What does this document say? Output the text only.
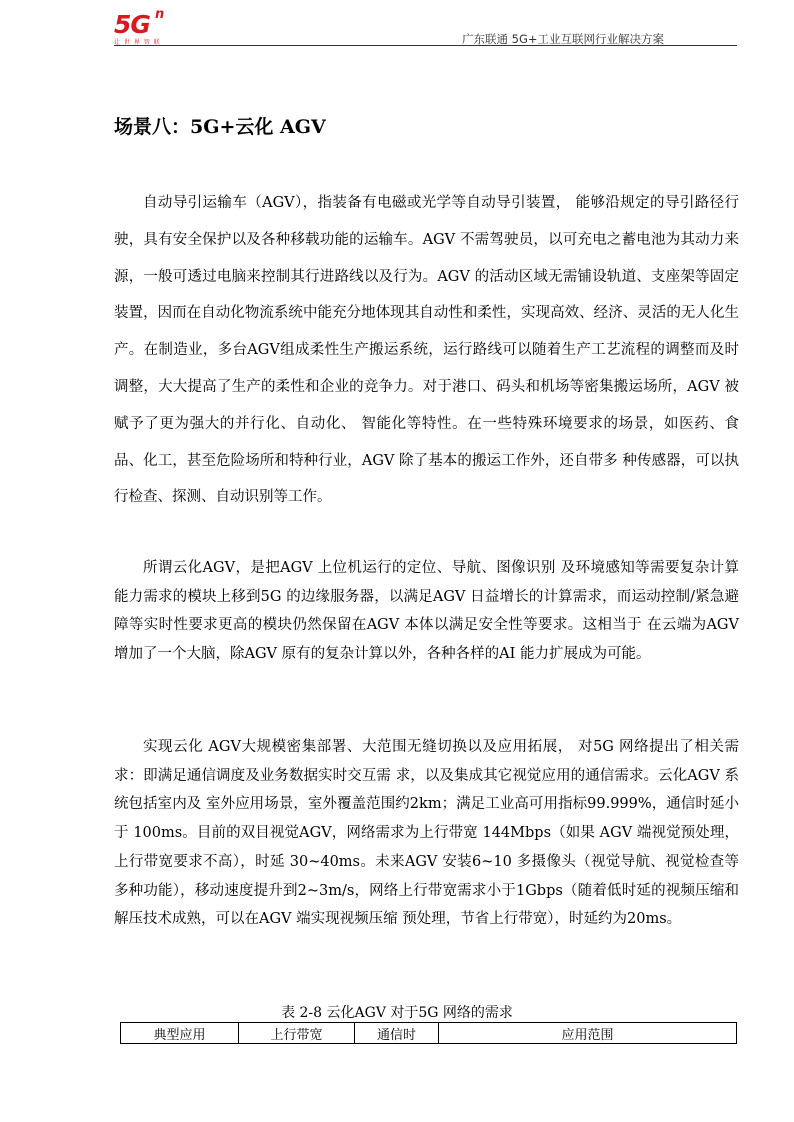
5G n
让 世 界 智 联	广东联通 5G+工业互联网行业解决方案
场景八：5G+云化 AGV

自动导引运输车（AGV），指装备有电磁或光学等自动导引装置， 能够沿规定的导引路径行驶，具有安全保护以及各种移载功能的运输车。AGV 不需驾驶员，以可充电之蓄电池为其动力来源，一般可透过电脑来控制其行进路线以及行为。AGV 的活动区域无需铺设轨道、支座架等固定装置，因而在自动化物流系统中能充分地体现其自动性和柔性，实现高效、经济、灵活的无人化生产。在制造业，多台AGV组成柔性生产搬运系统，运行路线可以随着生产工艺流程的调整而及时调整，大大提高了生产的柔性和企业的竞争力。对于港口、码头和机场等密集搬运场所，AGV 被赋予了更为强大的并行化、自动化、 智能化等特性。在一些特殊环境要求的场景，如医药、食品、化工，甚至危险场所和特种行业，AGV 除了基本的搬运工作外，还自带多 种传感器，可以执行检查、探测、自动识别等工作。

所谓云化AGV，是把AGV 上位机运行的定位、导航、图像识别 及环境感知等需要复杂计算能力需求的模块上移到5G 的边缘服务器，以满足AGV 日益增长的计算需求，而运动控制/紧急避障等实时性要求更高的模块仍然保留在AGV 本体以满足安全性等要求。这相当于 在云端为AGV 增加了一个大脑，除AGV 原有的复杂计算以外，各种各样的AI 能力扩展成为可能。

实现云化 AGV大规模密集部署、大范围无缝切换以及应用拓展， 对5G 网络提出了相关需求：即满足通信调度及业务数据实时交互需 求，以及集成其它视觉应用的通信需求。云化AGV 系统包括室内及 室外应用场景，室外覆盖范围约2km；满足工业高可用指标99.999%，通信时延小于 100ms。目前的双目视觉AGV，网络需求为上行带宽 144Mbps（如果 AGV 端视觉预处理，上行带宽要求不高），时延 30~40ms。未来AGV 安装6~10 多摄像头（视觉导航、视觉检查等多种功能），移动速度提升到2~3m/s，网络上行带宽需求小于1Gbps（随着低时延的视频压缩和解压技术成熟，可以在AGV 端实现视频压缩 预处理，节省上行带宽），时延约为20ms。

表 2-8 云化AGV 对于5G 网络的需求
典型应用	上行带宽	通信时	应用范围
